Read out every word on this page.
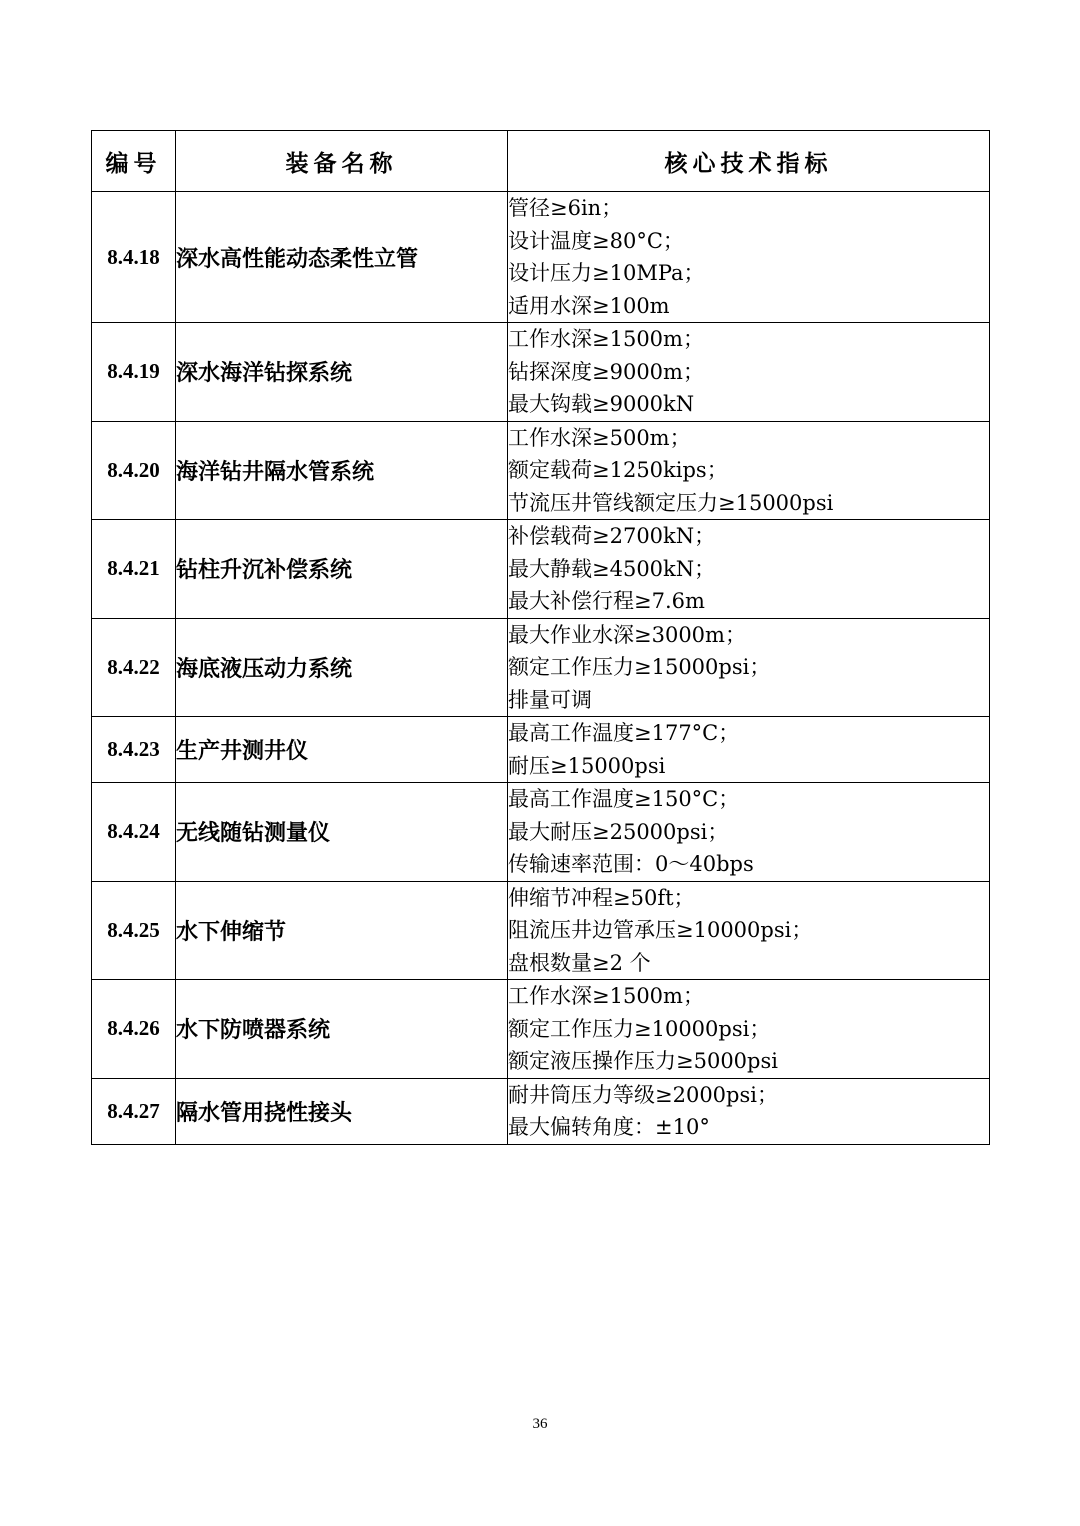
编号	装备名称	核心技术指标
8.4.18	深水高性能动态柔性立管	管径≥6in；
设计温度≥80°C；
设计压力≥10MPa；
适用水深≥100m

8.4.19	深水海洋钻探系统	工作水深≥1500m；
钻探深度≥9000m；
最大钩载≥9000kN

8.4.20	海洋钻井隔水管系统	工作水深≥500m；
额定载荷≥1250kips；
节流压井管线额定压力≥15000psi

8.4.21	钻柱升沉补偿系统	补偿载荷≥2700kN；
最大静载≥4500kN；
最大补偿行程≥7.6m

8.4.22	海底液压动力系统	最大作业水深≥3000m；
额定工作压力≥15000psi；
排量可调

8.4.23	生产井测井仪	最高工作温度≥177°C；
耐压≥15000psi

8.4.24	无线随钻测量仪	最高工作温度≥150°C；
最大耐压≥25000psi；
传输速率范围：0～40bps

8.4.25	水下伸缩节	伸缩节冲程≥50ft；
阻流压井边管承压≥10000psi；
盘根数量≥2 个

8.4.26	水下防喷器系统	工作水深≥1500m；
额定工作压力≥10000psi；
额定液压操作压力≥5000psi

8.4.27	隔水管用挠性接头	耐井筒压力等级≥2000psi；
最大偏转角度：±10°
36
